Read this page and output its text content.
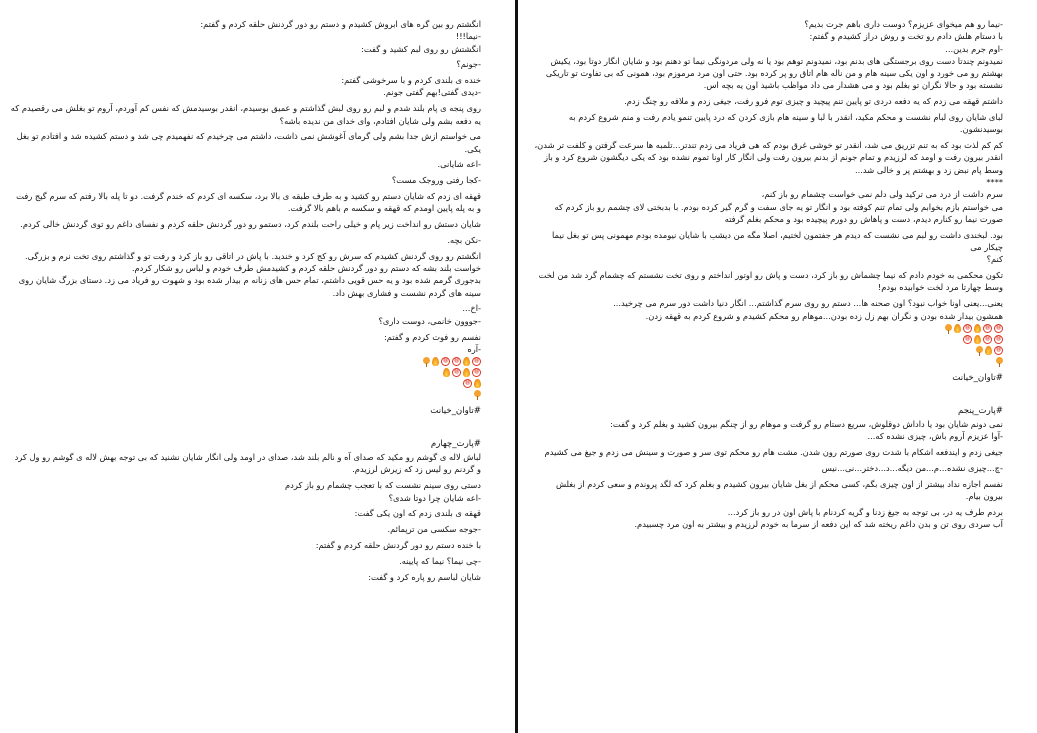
-نیما رو هم میخوای عزیزم؟ دوست داری باهم جرت بدیم؟

با دستام هلش دادم رو تخت و روش دراز کشیدم و گفتم:

-اوم جرم بدین...

نمیدونم چندتا دست روی برجستگی های بدنم بود، نمیدونم توهم بود یا نه ولی مردونگی نیما تو دهنم بود و شایان انگار دوتا بود، یکیش بهشتم رو می خورد و اون یکی سینه هام و من ناله هام اتاق رو پر کرده بود. حتی اون مرد مرموزم بود، همونی که بی تفاوت تو تاریکی نشسته بود و حالا نگران تو بغلم بود و می هشدار می داد مواظب باشید اون یه بچه اس.

داشتم قهقه می زدم که یه دفعه دردی تو پایین تنم پیچید و چیزی توم فرو رفت، جیغی زدم و ملافه رو چنگ زدم.

لبای شایان روی لبام نشست و محکم مکید، انقدر با لبا و سینه هام بازی کردن که درد پایین تنمو یادم رفت و منم شروع کردم به بوسیدنشون.

کم کم لذت بود که به تنم تزریق می شد، انقدر تو خوشی غرق بودم که هی فریاد می زدم تندتر...تلمبه ها سرعت گرفتن و کلفت تر شدن، انقدر بیرون رفت و اومد که لرزیدم و تمام جونم از بدنم بیرون رفت ولی انگار کار اونا تموم نشده بود که یکی دیگشون شروع کرد و باز وسط پام نبض زد و بهشتم پر و خالی شد...

****

سرم داشت از درد می ترکید ولی دلم نمی خواست چشمام رو باز کنم،

می خواستم بازم بخوابم ولی تمام تنم کوفته بود و انگار تو یه جای سفت و گرم گیر کرده بودم. با بدبختی لای چشمم رو باز کردم که صورت نیما رو کنارم دیدم، دست و پاهاش رو دورم پیچیده بود و محکم بغلم گرفته

بود. لبخندی داشت رو لبم می نشست که دیدم هر جفتمون لختیم، اصلا مگه من دیشب با شایان نیومده بودم مهمونی پس تو بغل نیما چیکار می

کنم؟

تکون محکمی به خودم دادم که نیما چشماش رو باز کرد، دست و پاش رو اوتور انداختم و روی تخت نشستم که چشمام گرد شد من لخت وسط چهارتا مرد لخت خوابیده بودم!

یعنی...یعنی اونا خواب نبود؟ اون صحنه ها... دستم رو روی سرم گذاشتم... انگار دنیا داشت دور سرم می چرخید...

همشون بیدار شده بودن و نگران بهم زل زده بودن...موهام رو محکم کشیدم و شروع کردم به قهقه زدن.

⑱
⑱
⑱
⑱
⑱
⑱
⑱
#تاوان_خیانت
#پارت_پنجم

نمی دونم شایان بود یا داداش دوقلوش، سریع دستام رو گرفت و موهام رو از چنگم بیرون کشید و بغلم کرد و گفت:

-آوا عزیزم آروم باش، چیزی نشده که...

جیغی زدم و ایندفعه اشکام با شدت روی صورتم رون شدن. مشت هام رو محکم توی سر و صورت و سینش می زدم و جیغ می کشیدم

-چ...چیزی نشده...م...من دیگه...د...دختر...نی...نیس

نفسم اجازه نداد بیشتر از اون چیزی بگم، کسی محکم از بغل شایان بیرون کشیدم و بغلم کرد که لگد پروندم و سعی کردم از بغلش بیرون بیام.

بردم طرف یه در، بی توجه به جیغ زدنا و گریه کردنام با پاش اون در رو باز کرد...

آب سردی روی تن و بدن داغم ریخته شد که این دفعه از سرما به خودم لرزیدم و بیشتر به اون مرد چسبیدم.

انگشتم رو بین گره های ابروش کشیدم و دستم رو دور گردنش حلقه کردم و گفتم:

-نیما!!!

انگشتش رو روی لبم کشید و گفت:

-جونم؟

خنده ی بلندی کردم و با سرخوشی گفتم:

-دیدی گفتی!بهم گفتی جونم.

روی پنجه ی پام بلند شدم و لبم رو روی لبش گذاشتم و عمیق بوسیدم، انقدر بوسیدمش که نفس کم آوردم، آروم تو بغلش می رقصیدم که یه دفعه بشم ولی شایان افتادم، وای خدای من ندیده باشه؟

می خواستم ازش جدا بشم ولی گرمای آغوشش نمی ذاشت، داشتم می چرخیدم که نفهمیدم چی شد و دستم کشیده شد و افتادم تو بغل یکی.

-اعه شایانی.

-کجا رفتی وروجک مست؟

قهقه ای زدم که شایان دستم رو کشید و به طرف طبقه ی بالا برد، سکسه ای کردم که خندم گرفت. دو تا پله بالا رفتم که سرم گیج رفت و به پله پایین اومدم که قهقه و سکسه م باهم بالا گرفت.

شایان دستش رو انداخت زیر پام و خیلی راحت بلندم کرد، دستمو رو دور گردنش حلقه کردم و نفسای داغم رو توی گردنش خالی کردم.

-نکن بچه.

انگشتم رو روی گردنش کشیدم که سرش رو کج کرد و خندید. با پاش در اتاقی رو باز کرد و رفت تو و گذاشتم روی تخت نرم و بزرگی. خواست بلند بشه که دستم رو دور گردنش حلقه کردم و کشیدمش طرف خودم و لباس رو شکار کردم.

بدجوری گرمم شده بود و یه حس قویی داشتم، تمام حس های زنانه م بیدار شده بود و شهوت رو فریاد می زد. دستای بزرگ شایان روی سینه های گردم نشست و فشاری بهش داد.

-اخ...

-جووون خانمی، دوست داری؟

نفسم رو فوت کردم و گفتم:

-آره

⑱
⑱
⑱
⑱
⑱
⑱
#تاوان_خیانت
#پارت_چهارم

لباش لاله ی گوشم رو مکید که صدای آه و نالم بلند شد، صدای در اومد ولی انگار شایان نشنید که بی توجه بهش لاله ی گوشم رو ول کرد و گردنم رو لیس زد که زیرش لرزیدم.

دستی روی سینم نشست که با تعجب چشمام رو باز کردم

-اعه شایان چرا دوتا شدی؟

قهقه ی بلندی زدم که اون یکی گفت:

-جوجه سکسی من ترپمائم.

با خنده دستم رو دور گردنش حلقه کردم و گفتم:

-چی نیما؟ نیما که پایینه.

شایان لباسم رو پاره کرد و گفت:
